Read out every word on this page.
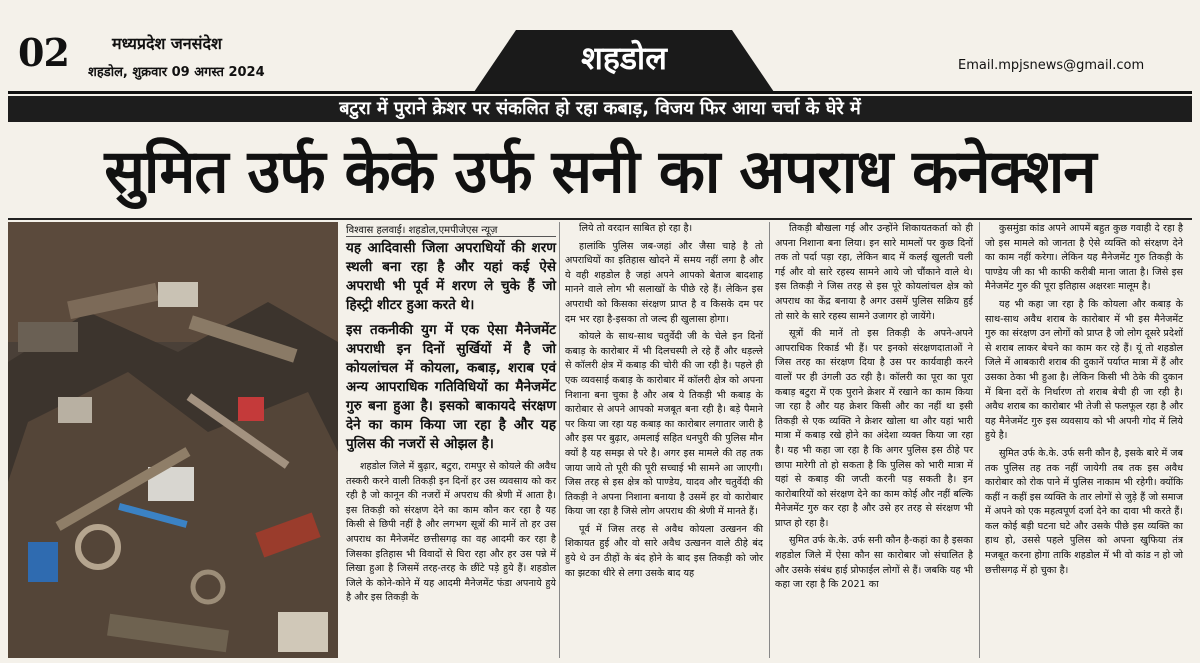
02	मध्यप्रदेश जनसंदेश
शहडोल, शुक्रवार 09 अगस्त 2024	शहडोल	Email.mpjsnews@gmail.com
बटुरा में पुराने क्रेशर पर संकलित हो रहा कबाड़, विजय फिर आया चर्चा के घेरे में
सुमित उर्फ केके उर्फ सनी का अपराध कनेक्शन
विश्वास हलवाई। शहडोल,एमपीजेएस न्यूज़

यह आदिवासी जिला अपराधियों की शरण स्थली बना रहा है और यहां कई ऐसे अपराधी भी पूर्व में शरण ले चुके हैं जो हिस्ट्री शीटर हुआ करते थे।

इस तकनीकी युग में एक ऐसा मैनेजमेंट अपराधी इन दिनों सुर्खियों में है जो कोयलांचल में कोयला, कबाड़, शराब एवं अन्य आपराधिक गतिविधियों का मैनेजमेंट गुरु बना हुआ है। इसको बाकायदे संरक्षण देने का काम किया जा रहा है और यह पुलिस की नजरों से ओझल है।

शहडोल जिले में बुढ़ार, बटुरा, रामपुर से कोयले की अवैध तस्करी करने वाली तिकड़ी इन दिनों हर उस व्यवसाय को कर रही है जो कानून की नजरों में अपराध की श्रेणी में आता है। इस तिकड़ी को संरक्षण देने का काम कौन कर रहा है यह किसी से छिपी नहीं है और लगभग सूत्रों की मानें तो हर उस अपराध का मैनेजमेंट छत्तीसगढ़ का वह आदमी कर रहा है जिसका इतिहास भी विवादों से घिरा रहा और हर उस पन्ने में लिखा हुआ है जिसमें तरह-तरह के छींटे पड़े हुये हैं। शहडोल जिले के कोने-कोने में यह आदमी मैनेजमेंट फंडा अपनाये हुये है और इस तिकड़ी के

लिये तो वरदान साबित हो रहा है।

हालांकि पुलिस जब-जहां और जैसा चाहे है तो अपराधियों का इतिहास खोदने में समय नहीं लगा है और ये वही शहडोल है जहां अपने आपको बेताज बादशाह मानने वाले लोग भी सलाखों के पीछे रहे हैं। लेकिन इस अपराधी को किसका संरक्षण प्राप्त है व किसके दम पर दम भर रहा है-इसका तो जल्द ही खुलासा होगा।

कोयले के साथ-साथ चतुर्वेदी जी के चेले इन दिनों कबाड़ के कारोबार में भी दिलचस्पी ले रहे हैं और धड़ल्ले से कॉलरी क्षेत्र में कबाड़ की चोरी की जा रही है। पहले ही एक व्यवसाई कबाड़ के कारोबार में कॉलरी क्षेत्र को अपना निशाना बना चुका है और अब ये तिकड़ी भी कबाड़ के कारोबार से अपने आपको मजबूत बना रही है। बड़े पैमाने पर किया जा रहा यह कबाड़ का कारोबार लगातार जारी है और इस पर बुढ़ार, अमलाई सहित धनपुरी की पुलिस मौन क्यों है यह समझ से परे है। अगर इस मामले की तह तक जाया जाये तो पूरी की पूरी सच्चाई भी सामने आ जाएगी। जिस तरह से इस क्षेत्र को पाण्डेय, यादव और चतुर्वेदी की तिकड़ी ने अपना निशाना बनाया है उसमें हर वो कारोबार किया जा रहा है जिसे लोग अपराध की श्रेणी में मानते हैं।

पूर्व में जिस तरह से अवैध कोयला उत्खनन की शिकायत हुई और वो सारे अवैध उत्खनन वाले ठीहे बंद हुये थे उन ठीहों के बंद होने के बाद इस तिकड़ी को जोर का झटका धीरे से लगा उसके बाद यह

तिकड़ी बौखला गई और उन्होंने शिकायतकर्ता को ही अपना निशाना बना लिया। इन सारे मामलों पर कुछ दिनों तक तो पर्दा पड़ा रहा, लेकिन बाद में कलई खुलती चली गई और वो सारे रहस्य सामने आये जो चौंकाने वाले थे। इस तिकड़ी ने जिस तरह से इस पूरे कोयलांचल क्षेत्र को अपराध का केंद्र बनाया है अगर उसमें पुलिस सक्रिय हुई तो सारे के सारे रहस्य सामने उजागर हो जायेंगे।

सूत्रों की मानें तो इस तिकड़ी के अपने-अपने आपराधिक रिकार्ड भी हैं। पर इनको संरक्षणदाताओं ने जिस तरह का संरक्षण दिया है उस पर कार्यवाही करने वालों पर ही उंगली उठ रही है। कॉलरी का पूरा का पूरा कबाड़ बटुरा में एक पुराने क्रेशर में रखाने का काम किया जा रहा है और यह क्रेशर किसी और का नहीं था इसी तिकड़ी से एक व्यक्ति ने क्रेशर खोला था और यहां भारी मात्रा में कबाड़ रखे होने का अंदेशा व्यक्त किया जा रहा है। यह भी कहा जा रहा है कि अगर पुलिस इस ठीहे पर छापा मारेगी तो हो सकता है कि पुलिस को भारी मात्रा में यहां से कबाड़ की जप्ती करनी पड़ सकती है। इन कारोबारियों को संरक्षण देने का काम कोई और नहीं बल्कि मैनेजमेंट गुरु कर रहा है और उसे हर तरह से संरक्षण भी प्राप्त हो रहा है।

सुमित उर्फ के.के. उर्फ सनी कौन है-कहां का है इसका शहडोल जिले में ऐसा कौन सा कारोबार जो संचालित है और उसके संबंध हाई प्रोफाईल लोगों से हैं। जबकि यह भी कहा जा रहा है कि 2021 का

कुसमुंडा कांड अपने आपमें बहुत कुछ गवाही दे रहा है जो इस मामले को जानता है ऐसे व्यक्ति को संरक्षण देने का काम नहीं करेगा। लेकिन यह मैनेजमेंट गुरु तिकड़ी के पाण्डेय जी का भी काफी करीबी माना जाता है। जिसे इस मैनेजमेंट गुरु की पूरा इतिहास अक्षरशः मालूम है।

यह भी कहा जा रहा है कि कोयला और कबाड़ के साथ-साथ अवैध शराब के कारोबार में भी इस मैनेजमेंट गुरु का संरक्षण उन लोगों को प्राप्त है जो लोग दूसरे प्रदेशों से शराब लाकर बेचने का काम कर रहे हैं। यूं तो शहडोल जिले में आबकारी शराब की दुकानें पर्याप्त मात्रा में हैं और उसका ठेका भी हुआ है। लेकिन किसी भी ठेके की दुकान में बिना दरों के निर्धारण तो शराब बेची ही जा रही है। अवैध शराब का कारोबार भी तेजी से फलफूल रहा है और यह मैनेजमेंट गुरु इस व्यवसाय को भी अपनी गोद में लिये हुये है।

सुमित उर्फ के.के. उर्फ सनी कौन है, इसके बारे में जब तक पुलिस तह तक नहीं जायेगी तब तक इस अवैध कारोबार को रोक पाने में पुलिस नाकाम भी रहेगी। क्योंकि कहीं न कहीं इस व्यक्ति के तार लोगों से जुड़े हैं जो समाज में अपने को एक महत्वपूर्ण दर्जा देने का दावा भी करते हैं। कल कोई बड़ी घटना घटे और उसके पीछे इस व्यक्ति का हाथ हो, उससे पहले पुलिस को अपना खुफिया तंत्र मजबूत करना होगा ताकि शहडोल में भी वो कांड न हो जो छत्तीसगढ़ में हो चुका है।
